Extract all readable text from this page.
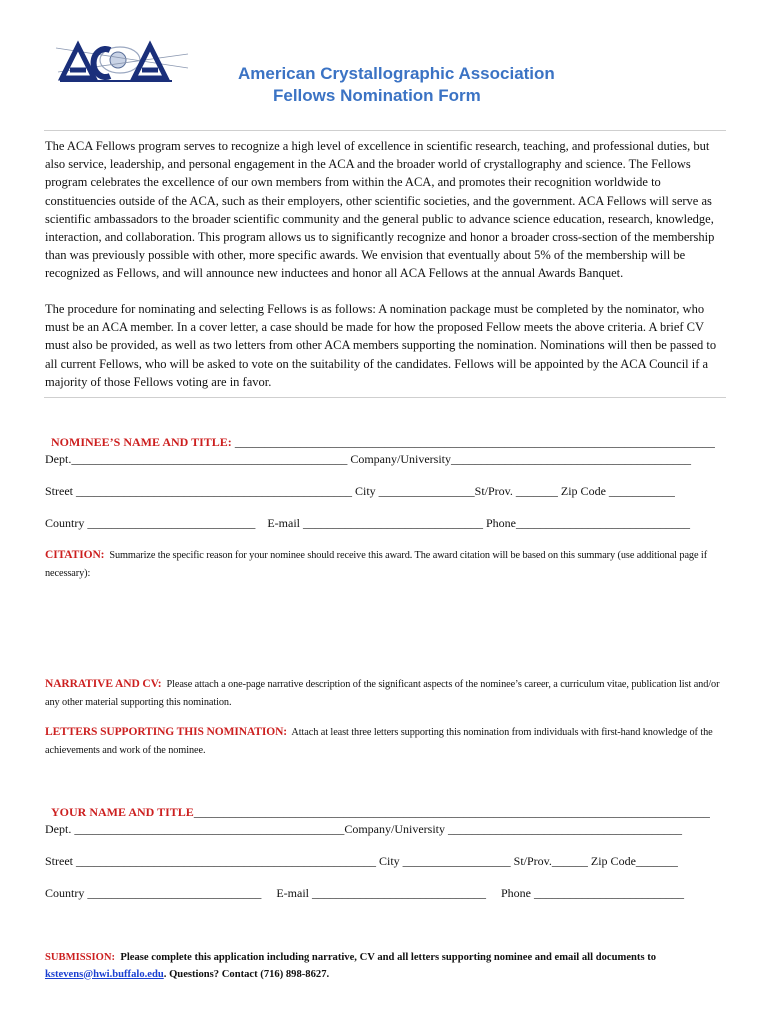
American Crystallographic Association
Fellows Nomination Form
The ACA Fellows program serves to recognize a high level of excellence in scientific research, teaching, and professional duties, but also service, leadership, and personal engagement in the ACA and the broader world of crystallography and science. The Fellows program celebrates the excellence of our own members from within the ACA, and promotes their recognition worldwide to constituencies outside of the ACA, such as their employers, other scientific societies, and the government. ACA Fellows will serve as scientific ambassadors to the broader scientific community and the general public to advance science education, research, knowledge, interaction, and collaboration. This program allows us to significantly recognize and honor a broader cross-section of the membership than was previously possible with other, more specific awards. We envision that eventually about 5% of the membership will be recognized as Fellows, and will announce new inductees and honor all ACA Fellows at the annual Awards Banquet.
The procedure for nominating and selecting Fellows is as follows: A nomination package must be completed by the nominator, who must be an ACA member. In a cover letter, a case should be made for how the proposed Fellow meets the above criteria. A brief CV must also be provided, as well as two letters from other ACA members supporting the nomination. Nominations will then be passed to all current Fellows, who will be asked to vote on the suitability of the candidates. Fellows will be appointed by the ACA Council if a majority of those Fellows voting are in favor.

NOMINEE’S NAME AND TITLE: ________________________________________________________________________________

Dept.______________________________________________ Company/University________________________________________
Street ______________________________________________ City ________________St/Prov. _______ Zip Code ___________
Country ____________________________    E-mail ______________________________ Phone_____________________________
CITATION: Summarize the specific reason for your nominee should receive this award. The award citation will be based on this summary (use additional page if necessary):
NARRATIVE AND CV: Please attach a one-page narrative description of the significant aspects of the nominee’s career, a curriculum vitae, publication list and/or any other material supporting this nomination.
LETTERS SUPPORTING THIS NOMINATION: Attach at least three letters supporting this nomination from individuals with first-hand knowledge of the achievements and work of the nominee.

YOUR NAME AND TITLE______________________________________________________________________________________

Dept. _____________________________________________Company/University _______________________________________
Street __________________________________________________ City __________________ St/Prov.______ Zip Code_______
Country _____________________________     E-mail _____________________________     Phone _________________________
SUBMISSION: Please complete this application including narrative, CV and all letters supporting nominee and email all documents to kstevens@hwi.buffalo.edu. Questions? Contact (716) 898-8627.
